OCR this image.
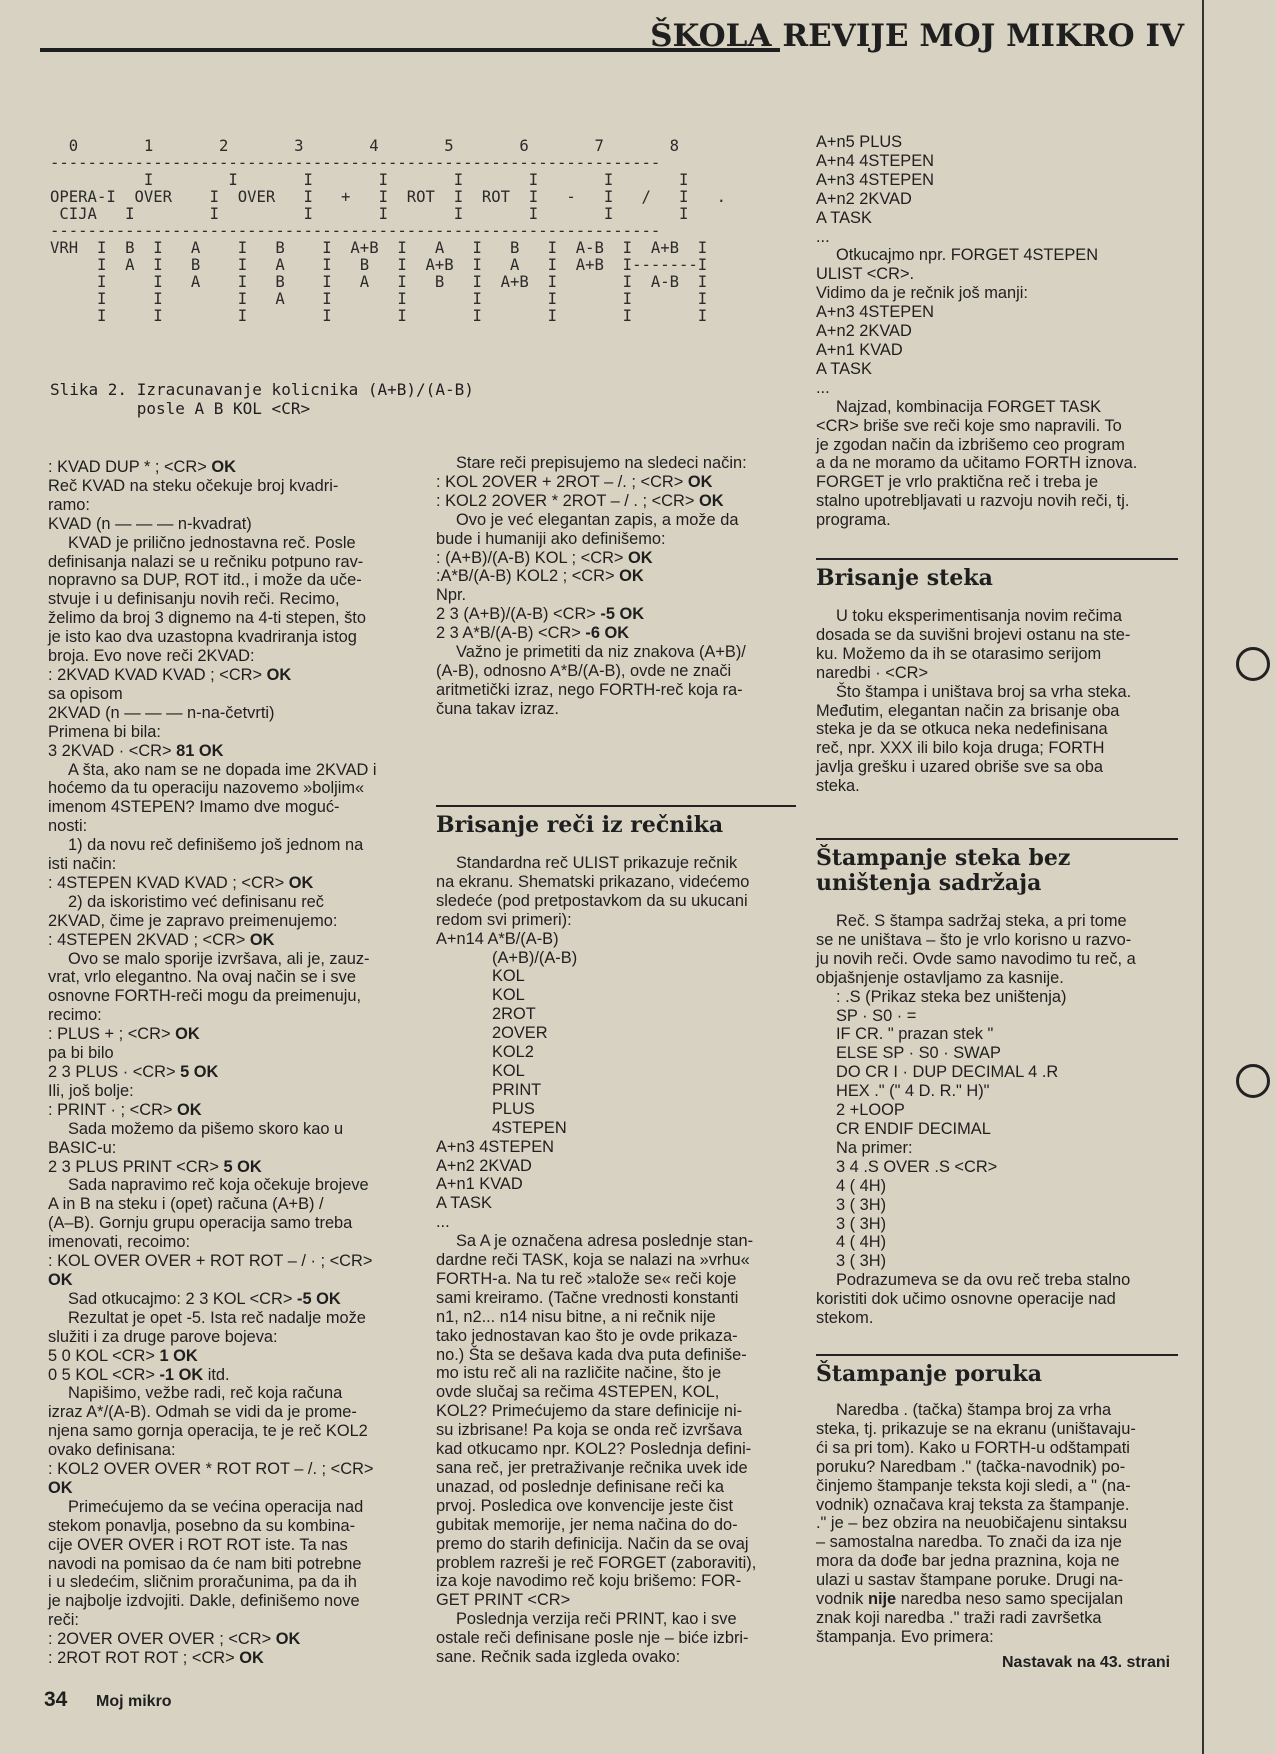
ŠKOLA REVIJE MOJ MIKRO IV
0       1       2       3       4       5       6       7       8
-----------------------------------------------------------------
I        I       I       I       I       I       I       I
OPERA-I  OVER    I  OVER   I   +   I  ROT  I  ROT  I   -   I   /   I   .
CIJA   I        I         I       I       I       I       I       I
-----------------------------------------------------------------
VRH  I  B  I   A    I   B    I  A+B  I   A   I   B   I  A-B  I  A+B  I
I  A  I   B    I   A    I   B   I  A+B  I   A   I  A+B  I-------I
I     I   A    I   B    I   A   I   B   I  A+B  I       I  A-B  I
I     I        I   A    I       I       I       I       I       I
I     I        I        I       I       I       I       I       I
Slika 2. Izracunavanje kolicnika (A+B)/(A-B)
posle A B KOL <CR>

: KVAD DUP * ; <CR> OK

Reč KVAD na steku očekuje broj kvadri-

ramo:

KVAD (n — — — n-kvadrat)

KVAD je prilično jednostavna reč. Posle

definisanja nalazi se u rečniku potpuno rav-

nopravno sa DUP, ROT itd., i može da uče-

stvuje i u definisanju novih reči. Recimo,

želimo da broj 3 dignemo na 4-ti stepen, što

je isto kao dva uzastopna kvadriranja istog

broja. Evo nove reči 2KVAD:

: 2KVAD KVAD KVAD ; <CR> OK

sa opisom

2KVAD (n — — — n-na-četvrti)

Primena bi bila:

3 2KVAD · <CR> 81 OK

A šta, ako nam se ne dopada ime 2KVAD i

hoćemo da tu operaciju nazovemo »boljim«

imenom 4STEPEN? Imamo dve moguć-

nosti:

1) da novu reč definišemo još jednom na

isti način:

: 4STEPEN KVAD KVAD ; <CR> OK

2) da iskoristimo već definisanu reč

2KVAD, čime je zapravo preimenujemo:

: 4STEPEN 2KVAD ; <CR> OK

Ovo se malo sporije izvršava, ali je, zauz-

vrat, vrlo elegantno. Na ovaj način se i sve

osnovne FORTH-reči mogu da preimenuju,

recimo:

: PLUS + ; <CR> OK

pa bi bilo

2 3 PLUS · <CR> 5 OK

Ili, još bolje:

: PRINT · ; <CR> OK

Sada možemo da pišemo skoro kao u

BASIC-u:

2 3 PLUS PRINT <CR> 5 OK

Sada napravimo reč koja očekuje brojeve

A in B na steku i (opet) računa (A+B) /

(A–B). Gornju grupu operacija samo treba

imenovati, recoimo:

: KOL OVER OVER + ROT ROT – / · ; <CR>

OK

Sad otkucajmo: 2 3 KOL <CR> -5 OK

Rezultat je opet -5. Ista reč nadalje može

služiti i za druge parove bojeva:

5 0 KOL <CR> 1 OK

0 5 KOL <CR> -1 OK itd.

Napišimo, vežbe radi, reč koja računa

izraz A*/(A-B). Odmah se vidi da je prome-

njena samo gornja operacija, te je reč KOL2

ovako definisana:

: KOL2 OVER OVER * ROT ROT – /. ; <CR>

OK

Primećujemo da se većina operacija nad

stekom ponavlja, posebno da su kombina-

cije OVER OVER i ROT ROT iste. Ta nas

navodi na pomisao da će nam biti potrebne

i u sledećim, sličnim proračunima, pa da ih

je najbolje izdvojiti. Dakle, definišemo nove

reči:

: 2OVER OVER OVER ; <CR> OK

: 2ROT ROT ROT ; <CR> OK

Stare reči prepisujemo na sledeci način:

: KOL 2OVER + 2ROT – /. ; <CR> OK

: KOL2 2OVER * 2ROT – / . ; <CR> OK

Ovo je već elegantan zapis, a može da

bude i humaniji ako definišemo:

: (A+B)/(A-B) KOL ; <CR> OK

:A*B/(A-B) KOL2 ; <CR> OK

Npr.

2 3 (A+B)/(A-B) <CR> -5 OK

2 3 A*B/(A-B) <CR> -6 OK

Važno je primetiti da niz znakova (A+B)/

(A-B), odnosno A*B/(A-B), ovde ne znači

aritmetički izraz, nego FORTH-reč koja ra-

čuna takav izraz.

Brisanje reči iz rečnika

Standardna reč ULIST prikazuje rečnik

na ekranu. Shematski prikazano, videćemo

sledeće (pod pretpostavkom da su ukucani

redom svi primeri):

A+n14 A*B/(A-B)

(A+B)/(A-B)

KOL

KOL

2ROT

2OVER

KOL2

KOL

PRINT

PLUS

4STEPEN

A+n3 4STEPEN

A+n2 2KVAD

A+n1 KVAD

A TASK

...

Sa A je označena adresa poslednje stan-

dardne reči TASK, koja se nalazi na »vrhu«

FORTH-a. Na tu reč »talože se« reči koje

sami kreiramo. (Tačne vrednosti konstanti

n1, n2... n14 nisu bitne, a ni rečnik nije

tako jednostavan kao što je ovde prikaza-

no.) Šta se dešava kada dva puta definiše-

mo istu reč ali na različite načine, što je

ovde slučaj sa rečima 4STEPEN, KOL,

KOL2? Primećujemo da stare definicije ni-

su izbrisane! Pa koja se onda reč izvršava

kad otkucamo npr. KOL2? Poslednja defini-

sana reč, jer pretraživanje rečnika uvek ide

unazad, od poslednje definisane reči ka

prvoj. Posledica ove konvencije jeste čist

gubitak memorije, jer nema načina do do-

premo do starih definicija. Način da se ovaj

problem razreši je reč FORGET (zaboraviti),

iza koje navodimo reč koju brišemo: FOR-

GET PRINT <CR>

Poslednja verzija reči PRINT, kao i sve

ostale reči definisane posle nje – biće izbri-

sane. Rečnik sada izgleda ovako:

A+n5 PLUS

A+n4 4STEPEN

A+n3 4STEPEN

A+n2 2KVAD

A TASK

...

Otkucajmo npr. FORGET 4STEPEN

ULIST <CR>.

Vidimo da je rečnik još manji:

A+n3 4STEPEN

A+n2 2KVAD

A+n1 KVAD

A TASK

...

Najzad, kombinacija FORGET TASK

<CR> briše sve reči koje smo napravili. To

je zgodan način da izbrišemo ceo program

a da ne moramo da učitamo FORTH iznova.

FORGET je vrlo praktična reč i treba je

stalno upotrebljavati u razvoju novih reči, tj.

programa.

Brisanje steka

U toku eksperimentisanja novim rečima

dosada se da suvišni brojevi ostanu na ste-

ku. Možemo da ih se otarasimo serijom

naredbi · <CR>

Što štampa i uništava broj sa vrha steka.

Međutim, elegantan način za brisanje oba

steka je da se otkuca neka nedefinisana

reč, npr. XXX ili bilo koja druga; FORTH

javlja grešku i uzared obriše sve sa oba

steka.

Štampanje steka bez uništenja sadržaja

Reč. S štampa sadržaj steka, a pri tome

se ne uništava – što je vrlo korisno u razvo-

ju novih reči. Ovde samo navodimo tu reč, a

objašnjenje ostavljamo za kasnije.

: .S (Prikaz steka bez uništenja)

SP · S0 · =

IF CR. " prazan stek "

ELSE SP · S0 · SWAP

DO CR I · DUP DECIMAL 4 .R

HEX ." (" 4 D. R." H)"

2 +LOOP

CR ENDIF DECIMAL

Na primer:

3 4 .S OVER .S <CR>

4 ( 4H)

3 ( 3H)

3 ( 3H)

4 ( 4H)

3 ( 3H)

Podrazumeva se da ovu reč treba stalno

koristiti dok učimo osnovne operacije nad

stekom.

Štampanje poruka

Naredba . (tačka) štampa broj za vrha

steka, tj. prikazuje se na ekranu (uništavaju-

ći sa pri tom). Kako u FORTH-u odštampati

poruku? Naredbam ." (tačka-navodnik) po-

činjemo štampanje teksta koji sledi, a " (na-

vodnik) označava kraj teksta za štampanje.

." je – bez obzira na neuobičajenu sintaksu

– samostalna naredba. To znači da iza nje

mora da dođe bar jedna praznina, koja ne

ulazi u sastav štampane poruke. Drugi na-

vodnik nije naredba neso samo specijalan

znak koji naredba ." traži radi završetka

štampanja. Evo primera:

Nastavak na 43. strani
34 Moj mikro
